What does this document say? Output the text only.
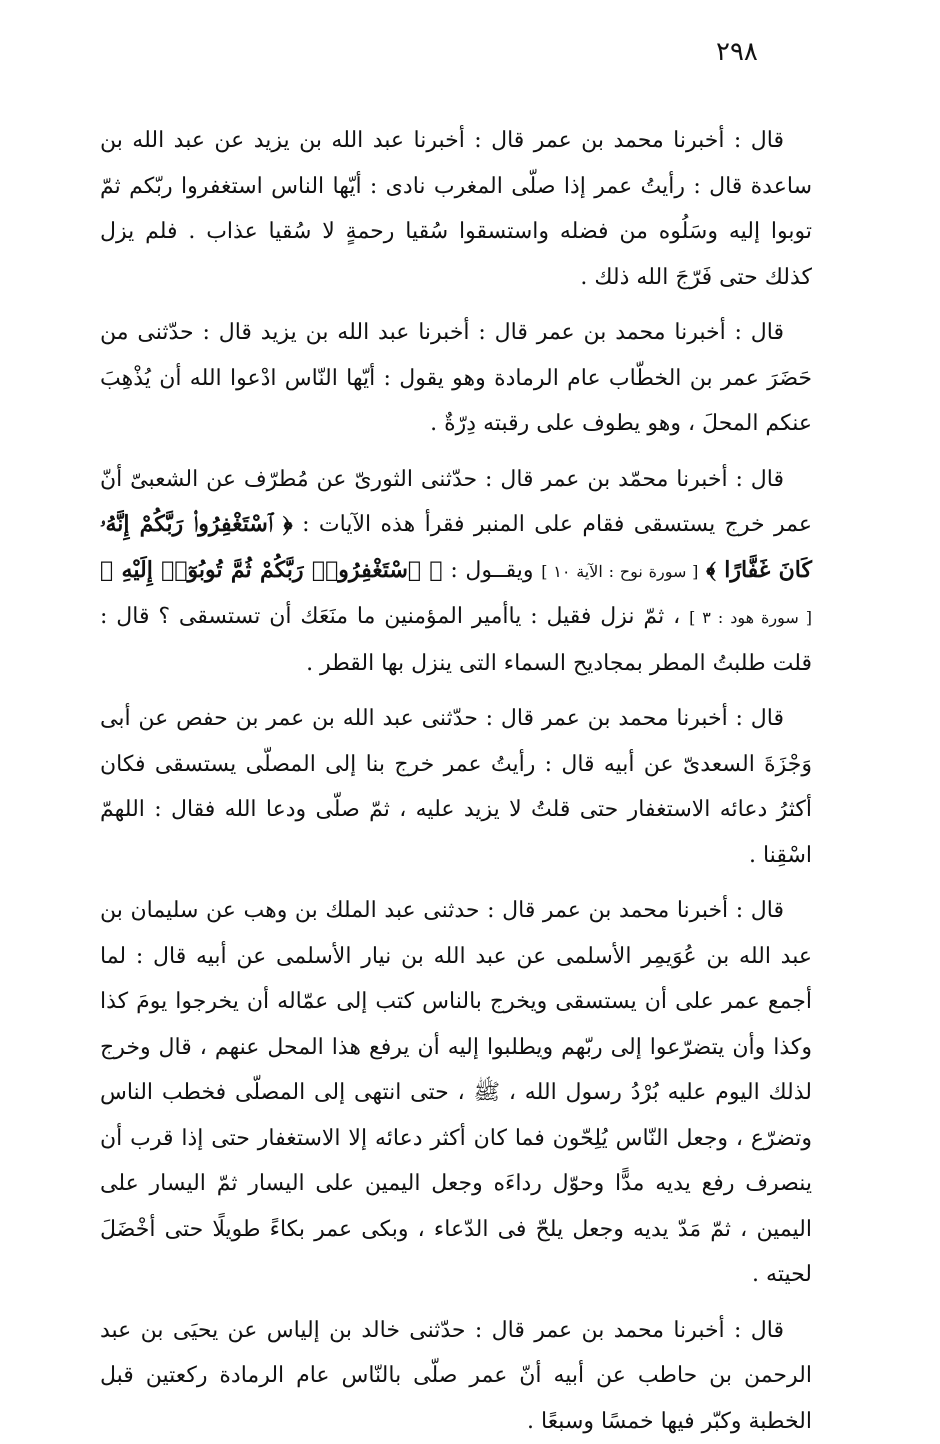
٢٩٨

قال : أخبرنا محمد بن عمر قال : أخبرنا عبد الله بن يزيد عن عبد الله بن ساعدة قال : رأيتُ عمر إذا صلّى المغرب نادى : أيّها الناس استغفروا ربّكم ثمّ توبوا إليه وسَلُوه من فضله واستسقوا سُقيا رحمةٍ لا سُقيا عذاب . فلم يزل كذلك حتى فَرّجَ الله ذلك .

قال : أخبرنا محمد بن عمر قال : أخبرنا عبد الله بن يزيد قال : حدّثنى من حَضَرَ عمر بن الخطّاب عام الرمادة وهو يقول : أيّها النّاس ادْعوا الله أن يُذْهِبَ عنكم المحلَ ، وهو يطوف على رقبته دِرّةٌ .

قال : أخبرنا محمّد بن عمر قال : حدّثنى الثورىّ عن مُطرّف عن الشعبىّ أنّ عمر خرج يستسقى فقام على المنبر فقرأ هذه الآيات : ﴿ ٱسْتَغْفِرُوا۟ رَبَّكُمْ إِنَّهُۥ كَانَ غَفَّارًا ﴾ [ سورة نوح : الآية ١٠ ] ويقــول : ﴿ ٱسْتَغْفِرُوا۟ رَبَّكُمْ ثُمَّ تُوبُوٓا۟ إِلَيْهِ ﴾ [ سورة هود : ٣ ] ، ثمّ نزل فقيل : ياأمير المؤمنين ما منَعَك أن تستسقى ؟ قال : قلت طلبتُ المطر بمجاديح السماء التى ينزل بها القطر .

قال : أخبرنا محمد بن عمر قال : حدّثنى عبد الله بن عمر بن حفص عن أبى وَجْزَةَ السعدىّ عن أبيه قال : رأيتُ عمر خرج بنا إلى المصلّى يستسقى فكان أكثرُ دعائه الاستغفار حتى قلتُ لا يزيد عليه ، ثمّ صلّى ودعا الله فقال : اللهمّ اسْقِنا .

قال : أخبرنا محمد بن عمر قال : حدثنى عبد الملك بن وهب عن سليمان بن عبد الله بن عُوَيمِر الأسلمى عن عبد الله بن نيار الأسلمى عن أبيه قال : لما أجمع عمر على أن يستسقى ويخرج بالناس كتب إلى عمّاله أن يخرجوا يومَ كذا وكذا وأن يتضرّعوا إلى ربّهم ويطلبوا إليه أن يرفع هذا المحل عنهم ، قال وخرج لذلك اليوم عليه بُرْدُ رسول الله ، ﷺ ، حتى انتهى إلى المصلّى فخطب الناس وتضرّع ، وجعل النّاس يُلِحّون فما كان أكثر دعائه إلا الاستغفار حتى إذا قرب أن ينصرف رفع يديه مدًّا وحوّل رداءَه وجعل اليمين على اليسار ثمّ اليسار على اليمين ، ثمّ مَدّ يديه وجعل يلحّ فى الدّعاء ، وبكى عمر بكاءً طويلًا حتى أخْضَلَ لحيته .

قال : أخبرنا محمد بن عمر قال : حدّثنى خالد بن إلياس عن يحيَى بن عبد الرحمن بن حاطب عن أبيه أنّ عمر صلّى بالنّاس عام الرمادة ركعتين قبل الخطبة وكبّر فيها خمسًا وسبعًا .
